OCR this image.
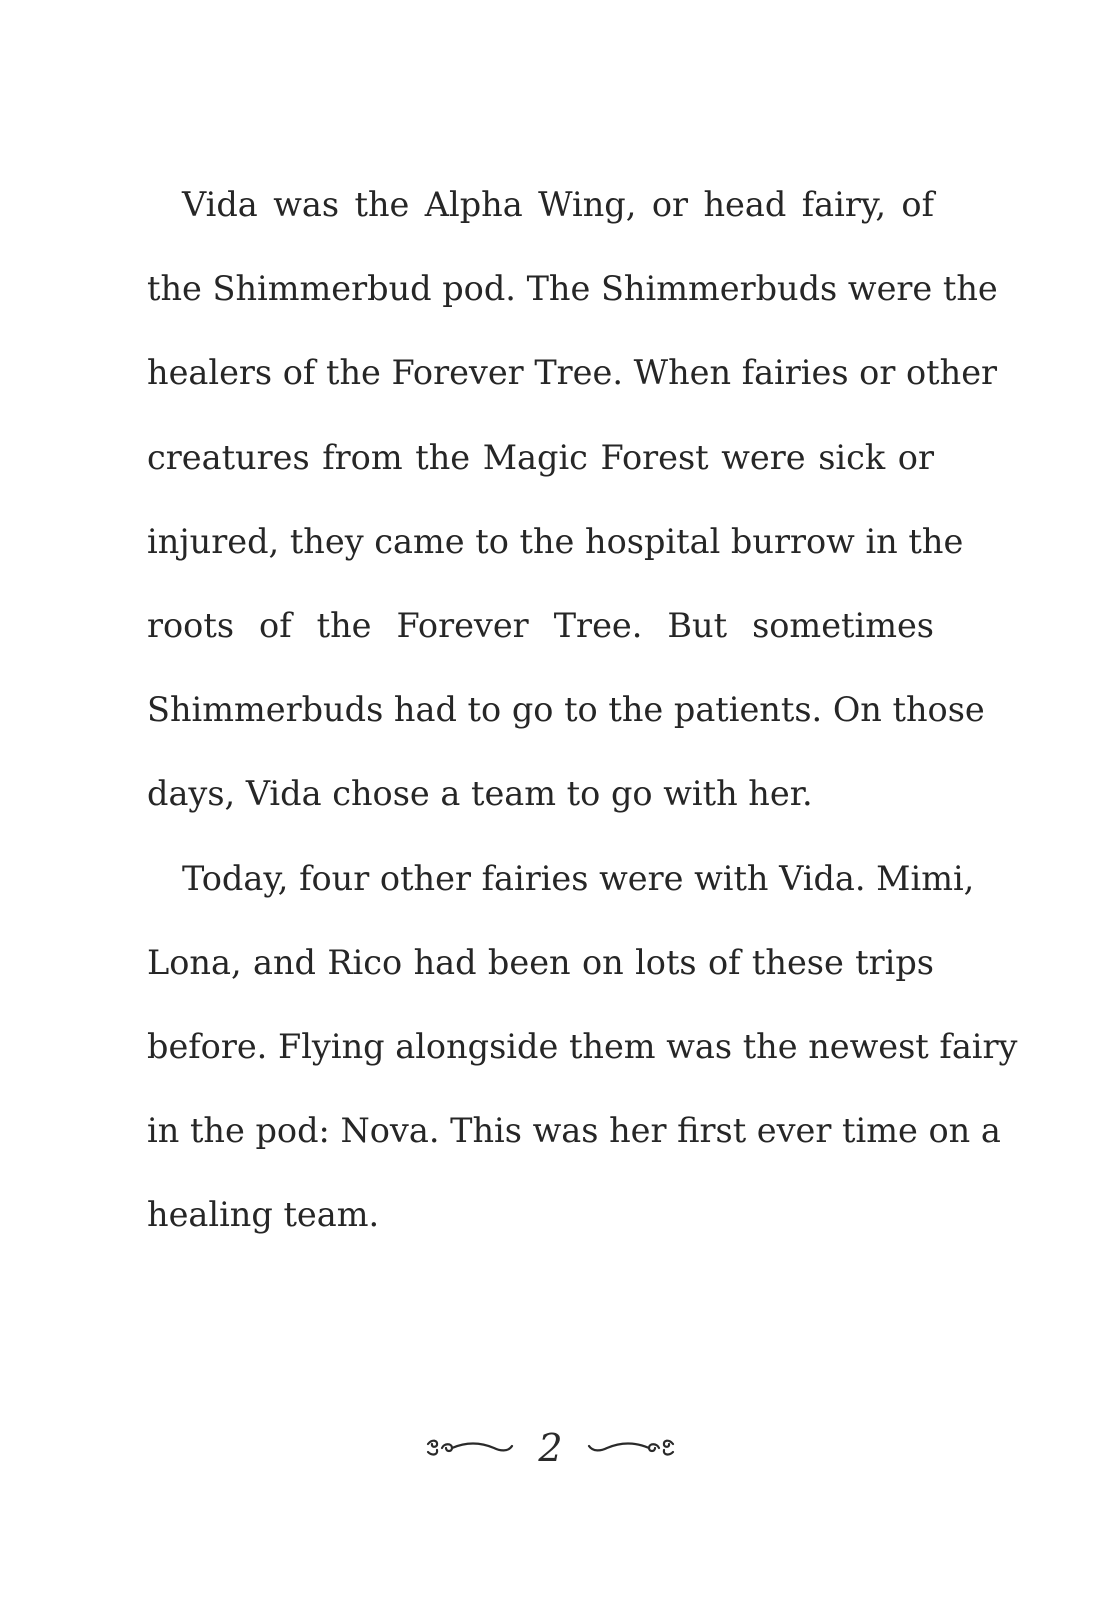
Vida was the Alpha Wing, or head fairy, of
the Shimmerbud pod. The Shimmerbuds were the
healers of the Forever Tree. When fairies or other
creatures from the Magic Forest were sick or
injured, they came to the hospital burrow in the
roots of the Forever Tree. But sometimes
Shimmerbuds had to go to the patients. On those
days, Vida chose a team to go with her.
Today, four other fairies were with Vida. Mimi,
Lona, and Rico had been on lots of these trips
before. Flying alongside them was the newest fairy
in the pod: Nova. This was her first ever time on a
healing team.
2
